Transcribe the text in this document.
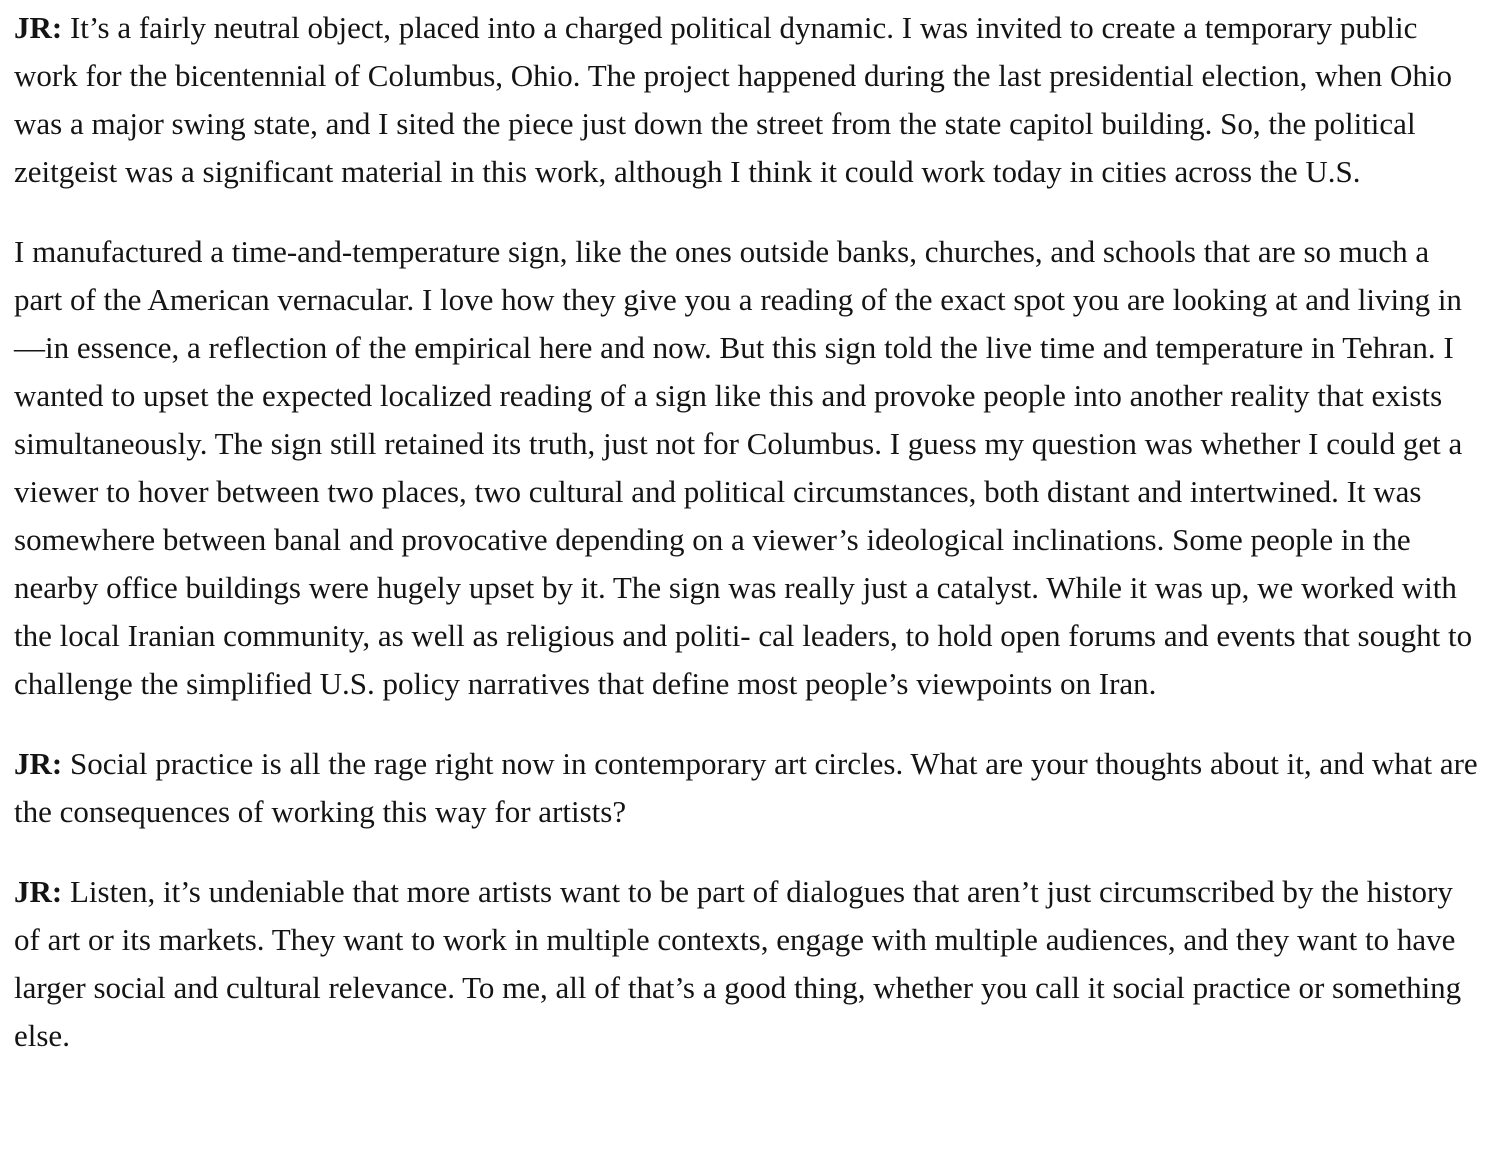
JR: It’s a fairly neutral object, placed into a charged political dynamic. I was invited to create a temporary public work for the bicentennial of Columbus, Ohio. The project happened during the last presidential election, when Ohio was a major swing state, and I sited the piece just down the street from the state capitol building. So, the political zeitgeist was a significant material in this work, although I think it could work today in cities across the U.S.

I manufactured a time-and-temperature sign, like the ones outside banks, churches, and schools that are so much a part of the American vernacular. I love how they give you a reading of the exact spot you are looking at and living in—in essence, a reflection of the empirical here and now. But this sign told the live time and temperature in Tehran. I wanted to upset the expected localized reading of a sign like this and provoke people into another reality that exists simultaneously. The sign still retained its truth, just not for Columbus. I guess my question was whether I could get a viewer to hover between two places, two cultural and political circumstances, both distant and intertwined. It was somewhere between banal and provocative depending on a viewer’s ideological inclinations. Some people in the nearby office buildings were hugely upset by it. The sign was really just a catalyst. While it was up, we worked with the local Iranian community, as well as religious and politi- cal leaders, to hold open forums and events that sought to challenge the simplified U.S. policy narratives that define most people’s viewpoints on Iran.

JR: Social practice is all the rage right now in contemporary art circles. What are your thoughts about it, and what are the consequences of working this way for artists?

JR: Listen, it’s undeniable that more artists want to be part of dialogues that aren’t just circumscribed by the history of art or its markets. They want to work in multiple contexts, engage with multiple audiences, and they want to have larger social and cultural relevance. To me, all of that’s a good thing, whether you call it social practice or something else.
